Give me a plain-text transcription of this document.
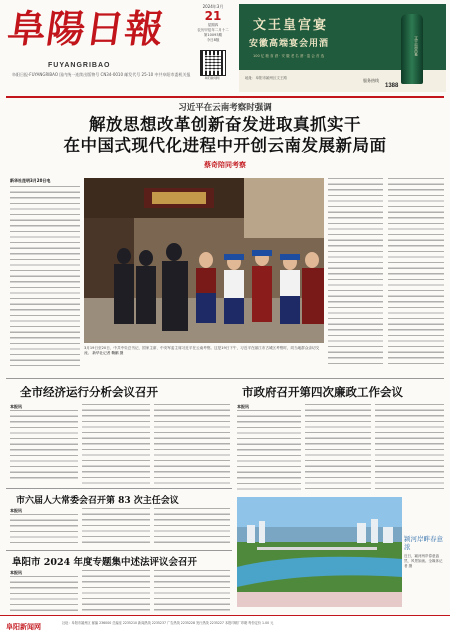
阜陽日報
FUYANGRIBAO
阜阳日报·FUYANGRIBAO 国内统一连续出版物号 CN34-0010 邮发代号 25-10 中共阜阳市委机关报
2024年3月
21
星期四
农历甲辰年二月十二
第10093期
今日8版
阜阳新闻网
文王皇宫宴
安徽高端宴会用酒
100 亿 粮 食 酒 · 安 徽 老 名 酒 · 宴 会 首 选
地址：阜阳市颍州区文王路	服务热线
1388
文王皇宫宴
习近平在云南考察时强调
解放思想改革创新奋发进取真抓实干
在中国式现代化进程中开创云南发展新局面
蔡奇陪同考察
新华社昆明3月20日电
3月19日至20日，中共中央总书记、国家主席、中央军委主席习近平在云南考察。这是19日下午，习近平在丽江市古城区考察时，同当地群众亲切交流。 新华社记者 鞠鹏 摄
全市经济运行分析会议召开
本报讯
市政府召开第四次廉政工作会议
本报讯
市六届人大常委会召开第 83 次主任会议
本报讯
阜阳市 2024 年度专题集中述法评议会召开
本报讯
颍河岸畔春意浓
近日，颍河两岸春意盎然，风景如画。全媒体记者 摄
阜阳新闻网	社址：阜阳市颍州区 邮编 236000 总编室 2235210 新闻热线 2235237 广告热线 2235228 发行热线 2235227 本报印刷厂印刷 每份定价 1.00 元
